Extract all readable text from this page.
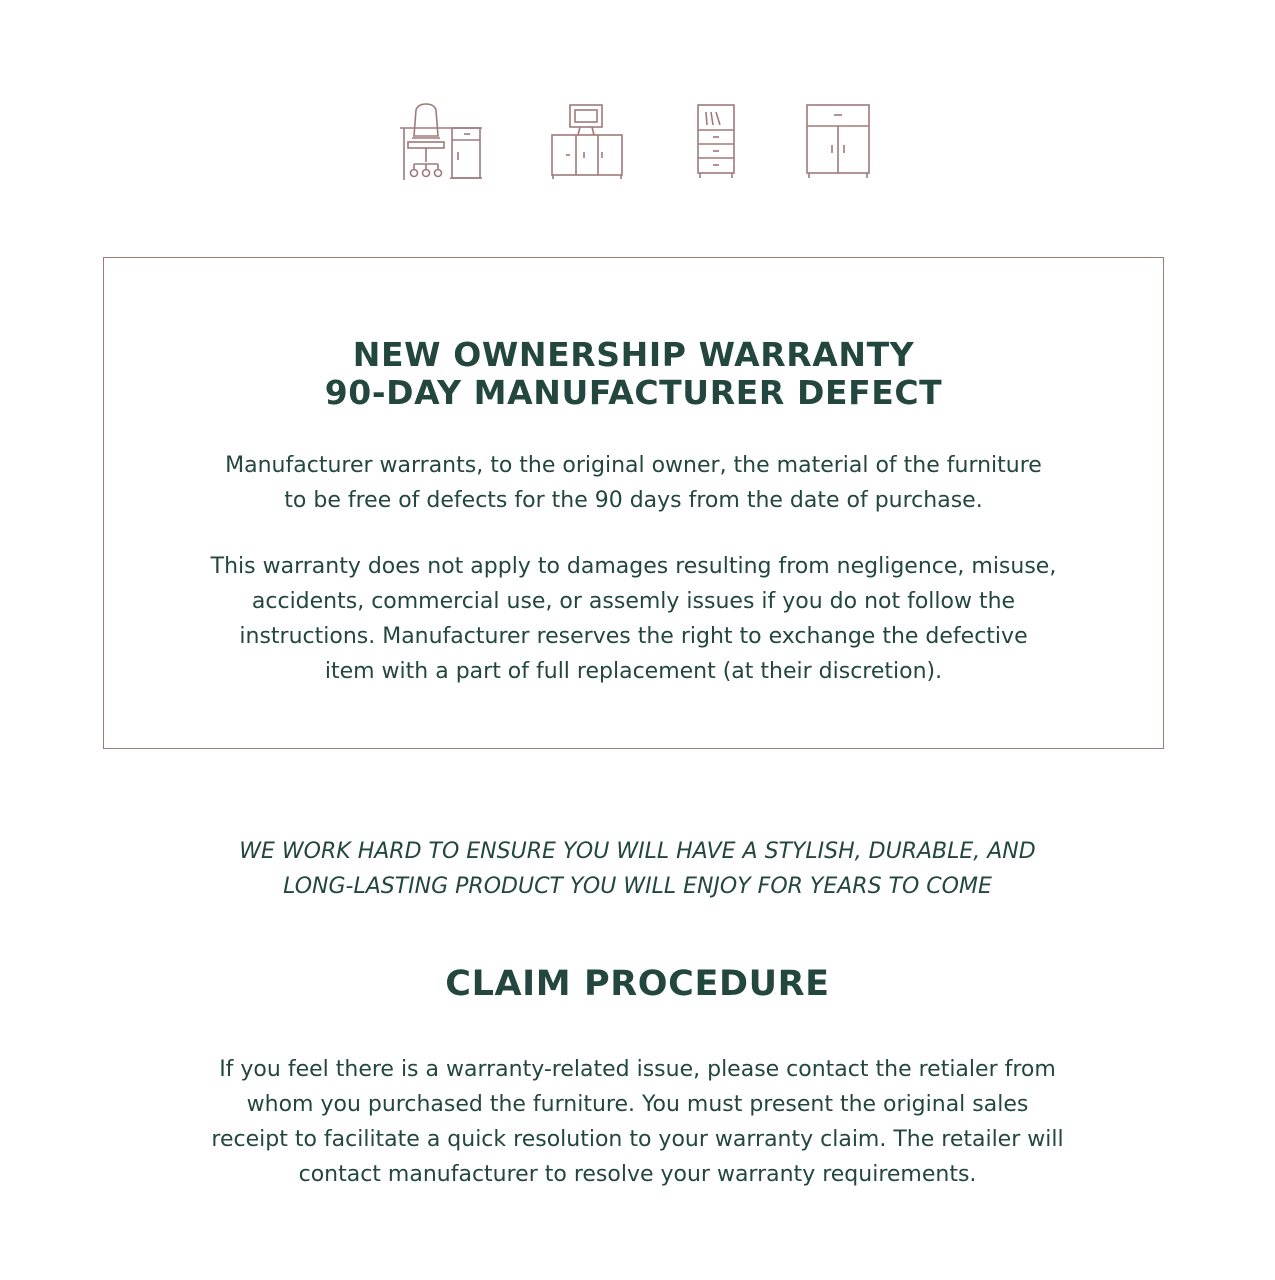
NEW OWNERSHIP WARRANTY
90-DAY MANUFACTURER DEFECT

Manufacturer warrants, to the original owner, the material of the furniture
to be free of defects for the 90 days from the date of purchase.

This warranty does not apply to damages resulting from negligence, misuse,
accidents, commercial use, or assemly issues if you do not follow the
instructions. Manufacturer reserves the right to exchange the defective
item with a part of full replacement (at their discretion).

WE WORK HARD TO ENSURE YOU WILL HAVE A STYLISH, DURABLE, AND
LONG-LASTING PRODUCT YOU WILL ENJOY FOR YEARS TO COME

CLAIM PROCEDURE

If you feel there is a warranty-related issue, please contact the retialer from
whom you purchased the furniture. You must present the original sales
receipt to facilitate a quick resolution to your warranty claim. The retailer will
contact manufacturer to resolve your warranty requirements.
